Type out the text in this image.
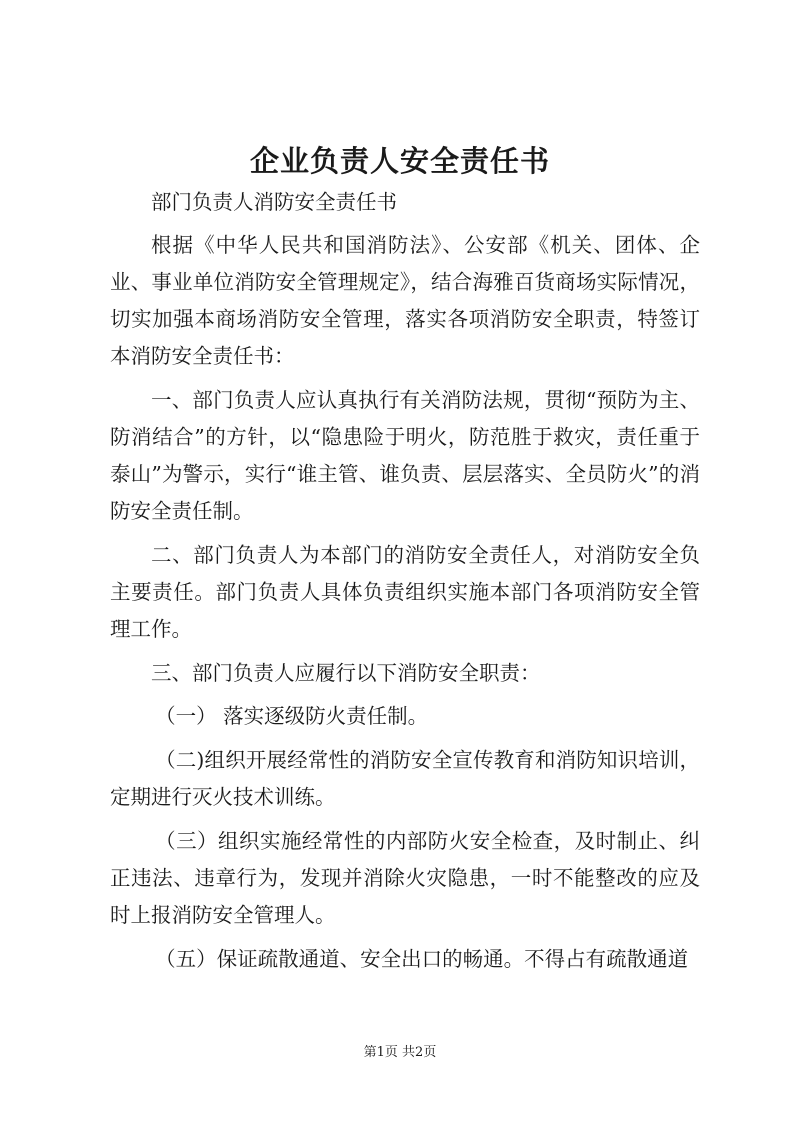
企业负责人安全责任书

部门负责人消防安全责任书

根据《中华人民共和国消防法》、公安部《机关、团体、企业、事业单位消防安全管理规定》，结合海雅百货商场实际情况，切实加强本商场消防安全管理，落实各项消防安全职责，特签订本消防安全责任书：

一、部门负责人应认真执行有关消防法规，贯彻“预防为主、防消结合”的方针，以“隐患险于明火，防范胜于救灾，责任重于泰山”为警示，实行“谁主管、谁负责、层层落实、全员防火”的消防安全责任制。

二、部门负责人为本部门的消防安全责任人，对消防安全负主要责任。部门负责人具体负责组织实施本部门各项消防安全管理工作。

三、部门负责人应履行以下消防安全职责：

（一） 落实逐级防火责任制。

（二)组织开展经常性的消防安全宣传教育和消防知识培训，定期进行灭火技术训练。

（三）组织实施经常性的内部防火安全检查，及时制止、纠正违法、违章行为，发现并消除火灾隐患，一时不能整改的应及时上报消防安全管理人。

（五）保证疏散通道、安全出口的畅通。不得占有疏散通道

第1页 共2页
